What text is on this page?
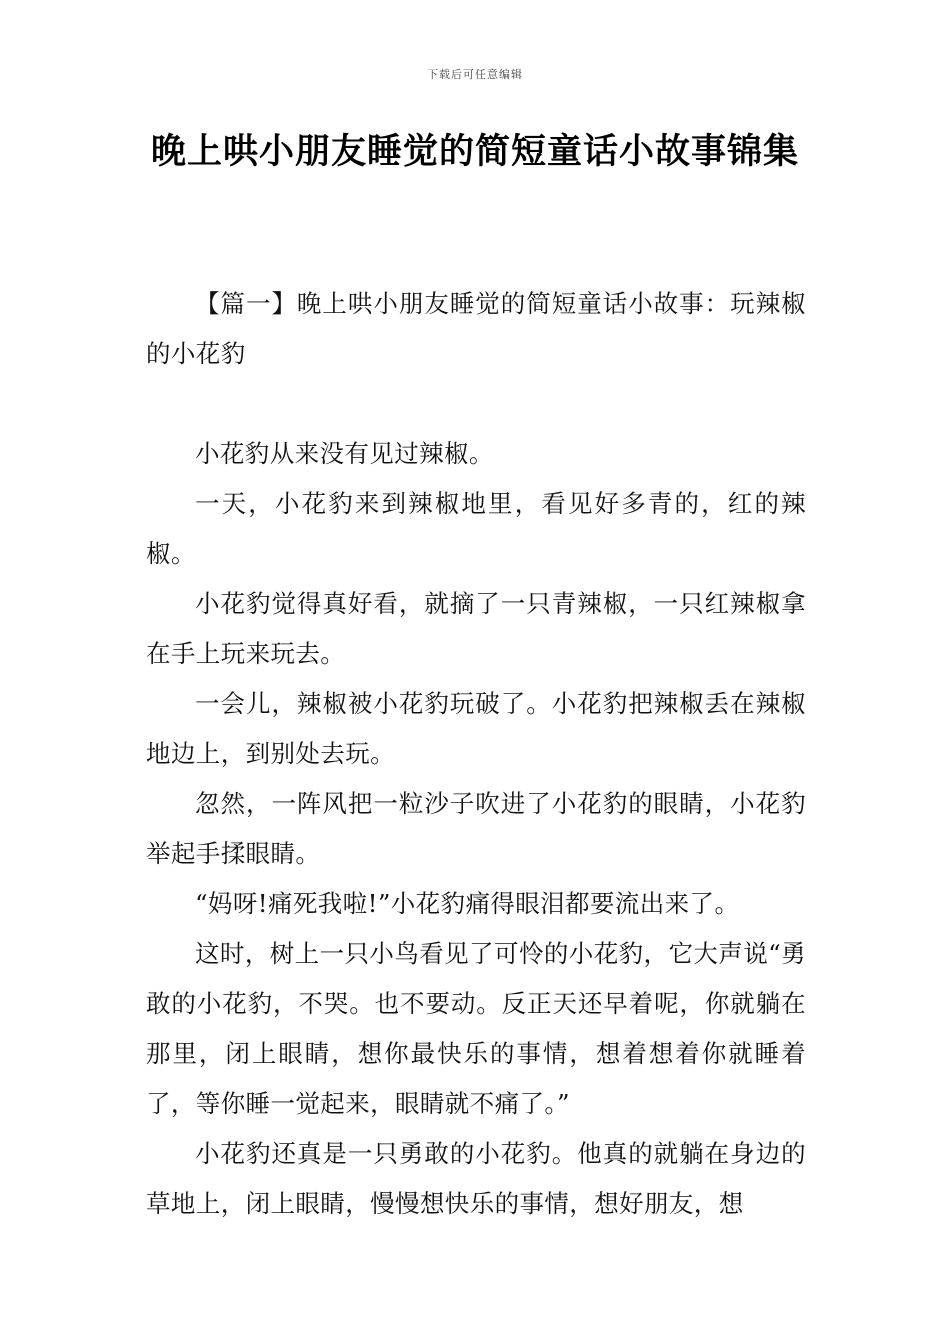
下载后可任意编辑
晚上哄小朋友睡觉的简短童话小故事锦集

【篇一】晚上哄小朋友睡觉的简短童话小故事：玩辣椒的小花豹

小花豹从来没有见过辣椒。

一天，小花豹来到辣椒地里，看见好多青的，红的辣椒。

小花豹觉得真好看，就摘了一只青辣椒，一只红辣椒拿在手上玩来玩去。

一会儿，辣椒被小花豹玩破了。小花豹把辣椒丢在辣椒地边上，到别处去玩。

忽然，一阵风把一粒沙子吹进了小花豹的眼睛，小花豹举起手揉眼睛。

“妈呀!痛死我啦!”小花豹痛得眼泪都要流出来了。

这时，树上一只小鸟看见了可怜的小花豹，它大声说“勇敢的小花豹，不哭。也不要动。反正天还早着呢，你就躺在那里，闭上眼睛，想你最快乐的事情，想着想着你就睡着了，等你睡一觉起来，眼睛就不痛了。”

小花豹还真是一只勇敢的小花豹。他真的就躺在身边的草地上，闭上眼睛，慢慢想快乐的事情，想好朋友，想
